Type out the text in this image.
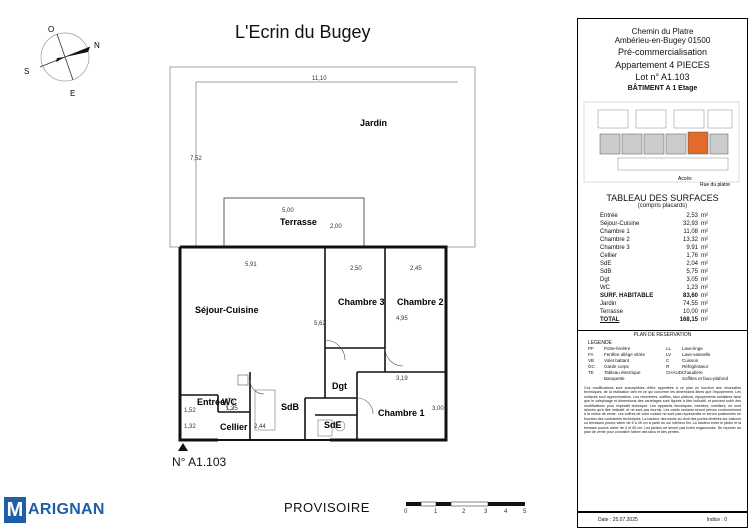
L'Ecrin du Bugey
O
N
S
E
11,10
7,52
Jardin
5,00
2,00
Terrasse
5,91
2,50	2,45
5,62
4,95
3,19
1,52
1,32
1,35
2,44
3,00
Séjour-Cuisine
Chambre 3 Chambre 2
Chambre 1
Dgt
Entrée
WC	SdB
SdE
Cellier
0	1	2	3	4	5
N° A1.103
PROVISOIRE
M ARIGNAN
Chemin du Platre
Ambérieu-en-Bugey 01500
Pré-commercialisation
Appartement 4 PIECES
Lot n° A1.103
BÂTIMENT A 1 Etage
Accès
Rue du platre
TABLEAU DES SURFACES
(compris placards)
Entrée	2,53	m²
Séjour-Cuisine	32,93	m²
Chambre 1	11,08	m²
Chambre 2	13,32	m²
Chambre 3	9,91	m²
Cellier	1,76	m²
SdE	2,04	m²
SdB	5,75	m²
Dgt	3,05	m²
WC	1,23	m²
SURF. HABITABLE	83,60	m²
Jardin	74,55	m²
Terrasse	10,00	m²
TOTAL	168,15	m²
PLAN DE RESERVATION
LEGENDE
PF	Porte-fenêtre
FA	Fenêtre allège vitrée
VB	Volet battant
GC	Garde corps
TE	Tableau électrique
Banquette
LL	Lave-linge
LV	Lave-vaisselle
C	Cuisson
R	Réfrigérateur
CHAUD Chaudière
Soffites et faux-plafond
Ces modifications sont susceptibles d'être apportées à ce plan en fonction des nécessités techniques, de la réalisation tant en ce qui concerne les dimensions libres que l'équipement. Les surfaces sont approximatives. Les retombées, soffites, faux plafond, équipements sanitaires ainsi que le calepinage et dimensions des carrelages sont figurés à titre indicatif, et peuvent subir des modifications pour impératif technique. Les appareils électriques, meubles, mobiliers, ne sont donnés qu'à titre indicatif, et ne sont pas fournis. Les volets roulants seront prévus conformément à la notice de vente. Les coffres de volet roulant ne sont pas représentés et seront positionnés en fonction des contraintes techniques. La hauteur des seuils au droit des portes-fenêtres sur balcons ou terrasses pourra varier de 5 à 35 cm à partir du sol intérieur fini. La hauteur entre le jardin et la terrasse pourra varier de 0 et 60 cm. Les jardins ne seront pas livrés engazonnés. Se reporter au plan de vente pour connaître l'arbre des talus et des pentes.
Date : 25.07.2025	Indice : 0
